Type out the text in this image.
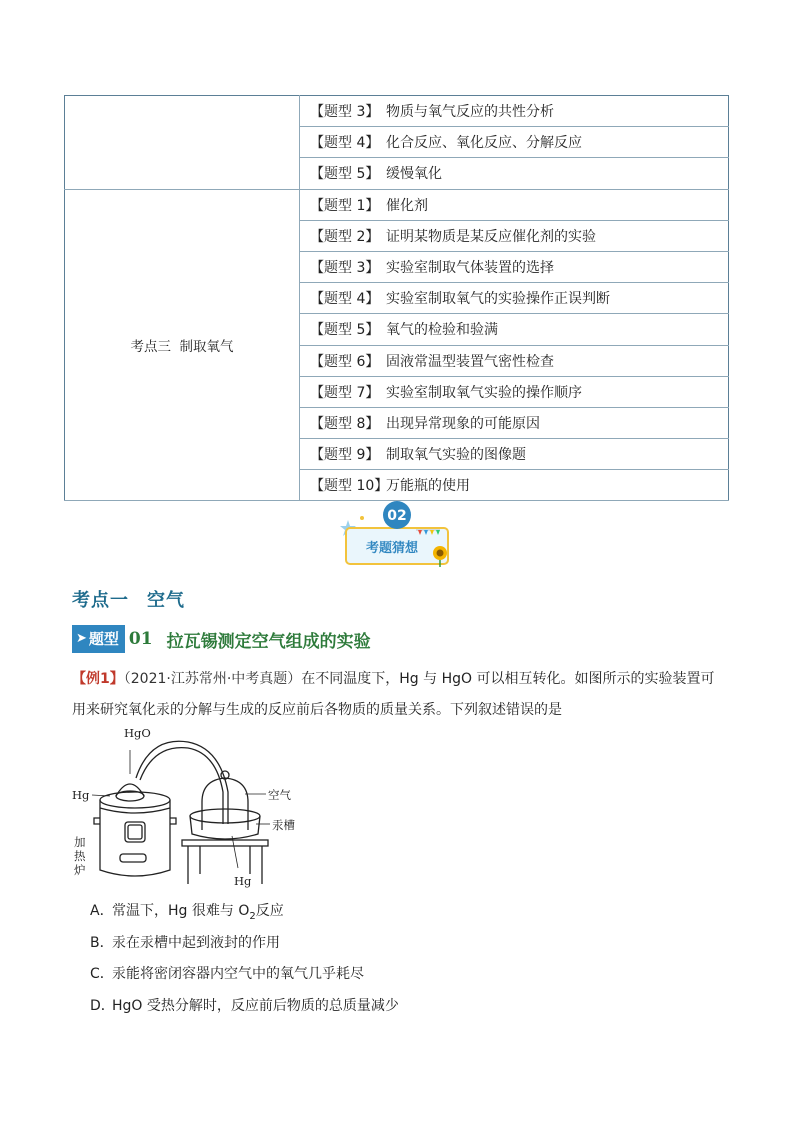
	【题型 3】 物质与氧气反应的共性分析
	【题型 4】 化合反应、氧化反应、分解反应
	【题型 5】 缓慢氧化
考点三  制取氧气	【题型 1】 催化剂
	【题型 2】 证明某物质是某反应催化剂的实验
	【题型 3】 实验室制取气体装置的选择
	【题型 4】 实验室制取氧气的实验操作正误判断
	【题型 5】 氧气的检验和验满
	【题型 6】 固液常温型装置气密性检查
	【题型 7】 实验室制取氧气实验的操作顺序
	【题型 8】 出现异常现象的可能原因
	【题型 9】 制取氧气实验的图像题
	【题型 10】万能瓶的使用
02
考题猜想
考点一 空气
➤ 题型 01 拉瓦锡测定空气组成的实验
【例1】（2021·江苏常州·中考真题）在不同温度下，Hg 与 HgO 可以相互转化。如图所示的实验装置可用来研究氧化汞的分解与生成的反应前后各物质的质量关系。下列叙述错误的是
HgO
Hg	空气
汞槽
加
热
炉
Hg
A．常温下，Hg 很难与 $O_2$反应
B．汞在汞槽中起到液封的作用
C．汞能将密闭容器内空气中的氧气几乎耗尽
D．HgO 受热分解时，反应前后物质的总质量减少
